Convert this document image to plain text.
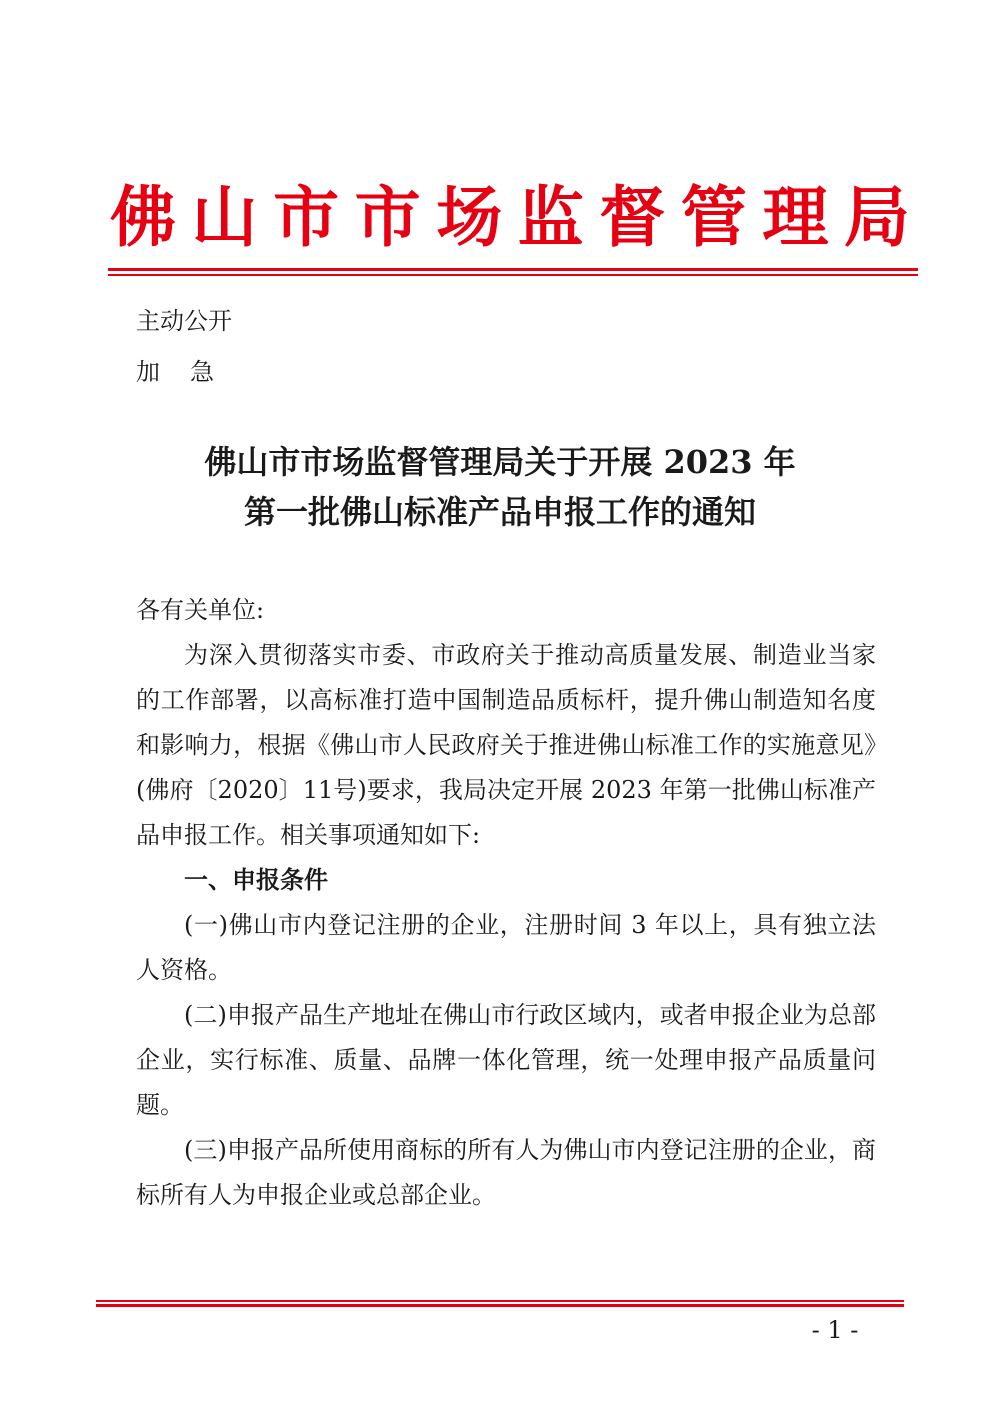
佛 山 市 市 场 监 督 管 理 局
主动公开
加急
佛山市市场监督管理局关于开展 2023 年
第一批佛山标准产品申报工作的通知

各有关单位:

为深入贯彻落实市委、市政府关于推动高质量发展、制造业当家的工作部署，以高标准打造中国制造品质标杆，提升佛山制造知名度和影响力，根据《佛山市人民政府关于推进佛山标准工作的实施意见》(佛府〔2020〕11号)要求，我局决定开展 2023 年第一批佛山标准产品申报工作。相关事项通知如下:

一、申报条件

(一)佛山市内登记注册的企业，注册时间 3 年以上，具有独立法人资格。

(二)申报产品生产地址在佛山市行政区域内，或者申报企业为总部企业，实行标准、质量、品牌一体化管理，统一处理申报产品质量问题。

(三)申报产品所使用商标的所有人为佛山市内登记注册的企业，商标所有人为申报企业或总部企业。

- 1 -
